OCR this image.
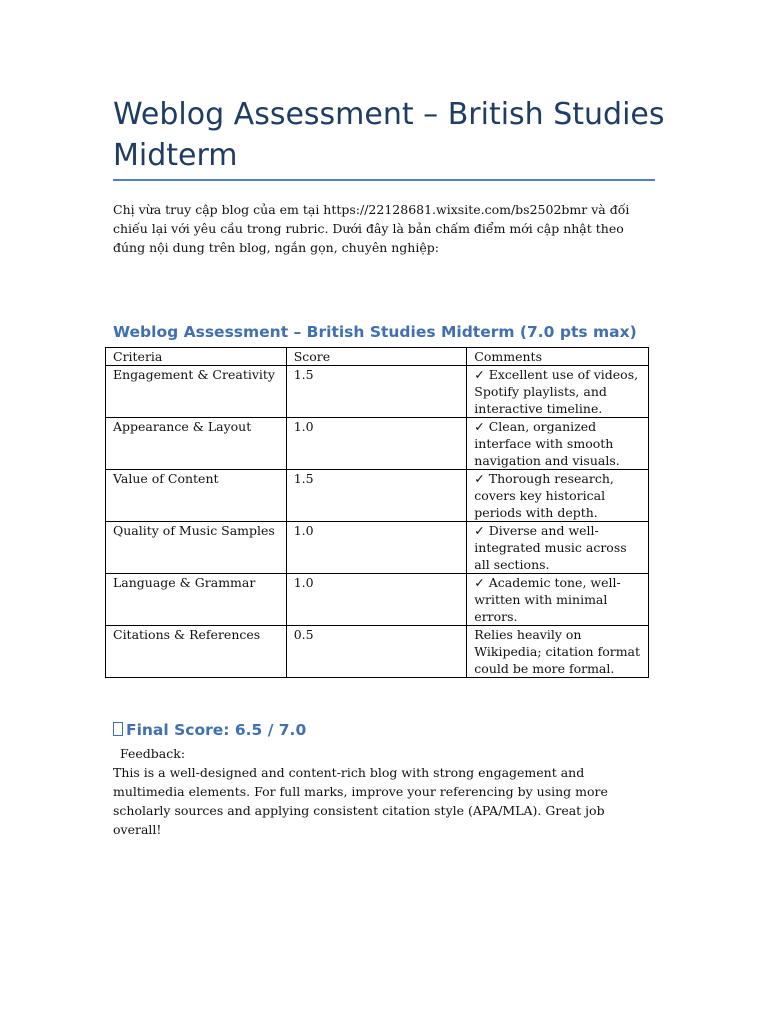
Weblog Assessment – British Studies Midterm

Chị vừa truy cập blog của em tại https://22128681.wixsite.com/bs2502bmr và đối chiếu lại với yêu cầu trong rubric. Dưới đây là bản chấm điểm mới cập nhật theo đúng nội dung trên blog, ngắn gọn, chuyên nghiệp:

Weblog Assessment – British Studies Midterm (7.0 pts max)
Criteria	Score	Comments
Engagement & Creativity	1.5	✓ Excellent use of videos, Spotify playlists, and interactive timeline.
Appearance & Layout	1.0	✓ Clean, organized interface with smooth navigation and visuals.
Value of Content	1.5	✓ Thorough research, covers key historical periods with depth.
Quality of Music Samples	1.0	✓ Diverse and well-integrated music across all sections.
Language & Grammar	1.0	✓ Academic tone, well-written with minimal errors.
Citations & References	0.5	Relies heavily on Wikipedia; citation format could be more formal.
Final Score: 6.5 / 7.0

Feedback:

This is a well-designed and content-rich blog with strong engagement and multimedia elements. For full marks, improve your referencing by using more scholarly sources and applying consistent citation style (APA/MLA). Great job overall!
